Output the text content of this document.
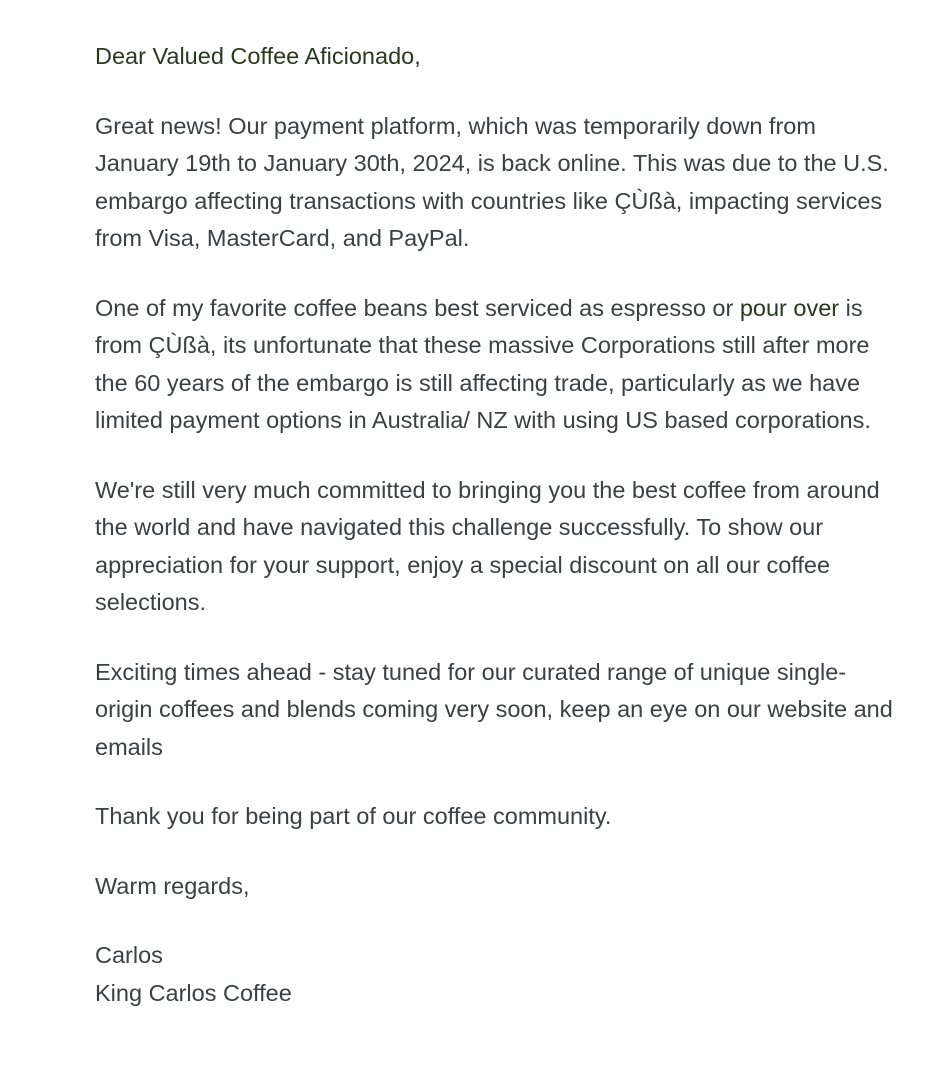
Dear Valued Coffee Aficionado,

Great news! Our payment platform, which was temporarily down from January 19th to January 30th, 2024, is back online. This was due to the U.S. embargo affecting transactions with countries like ÇÙßà, impacting services from Visa, MasterCard, and PayPal.

One of my favorite coffee beans best serviced as espresso or pour over is from ÇÙßà, its unfortunate that these massive Corporations still after more the 60 years of the embargo is still affecting trade, particularly as we have limited payment options in Australia/ NZ with using US based corporations.

We're still very much committed to bringing you the best coffee from around the world and have navigated this challenge successfully. To show our appreciation for your support, enjoy a special discount on all our coffee selections.

Exciting times ahead - stay tuned for our curated range of unique single-origin coffees and blends coming very soon, keep an eye on our website and emails

Thank you for being part of our coffee community.

Warm regards,

Carlos
King Carlos Coffee
